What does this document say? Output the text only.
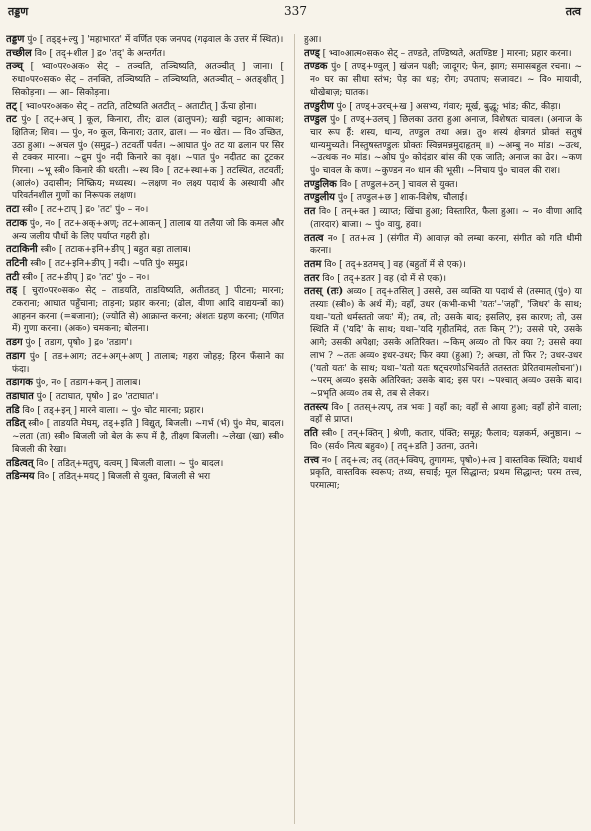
तड्डण	337	तत्व

तड्डण पुं० [ तड्ड्+ल्यु ] 'महाभारत' में वर्णित एक जनपद (गढ़वाल के उत्तर में स्थित)।

तच्छील वि० [ तद्+शील ] द्र० 'तद्' के अन्तर्गत।

तञ्च् [ भ्वा०पर०अक० सेट् – तञ्चति, तञ्चिष्यति, अतञ्चीत् ] जाना। [ रुधा०पर०सक० सेट् – तनक्ति, तञ्चिष्यति – तञ्चिष्यति, अतञ्चीत् – अतङ्क्षीत् ] सिकोड़ना। — आ– सिकोड़ना।

तट् [ भ्वा०पर०अक० सेट् – तटति, तटिष्यति अतटीत् – अताटीत् ] ऊँचा होना।

तट पुं० [ तट्+अच् ] कूल, किनारा, तीर; ढाल (ढालुपन); खड़ी चट्टान; आकाश; क्षितिज; शिव। — पुं०, न० कूल, किनारा; उतार, ढाल। — न० खेत। — वि० उच्छित, उठा हुआ। ~अचल पुं० (समुद्र–) तटवर्ती पर्वत। ~आघात पुं० तट या ढलान पर सिर से टक्कर मारना। ~द्रुम पुं० नदी किनारे का वृक्ष। ~पात पुं० नदीतट का टूटकर गिरना। ~भू स्त्री० किनारे की धरती। ~स्थ वि० [ तट+स्था+क ] तटस्थित, तटवर्ती; (आलं०) उदासीन; निष्क्रिय; मध्यस्थ। ~लक्षण न० लक्ष्य पदार्थ के अस्थायी और परिवर्तनशील गुणों का निरूपक लक्षण।

तटा स्त्री० [ तट+टाप् ] द्र० 'तट' पुं० – न०।

तटाक पुं०, न० [ तट+अक्+अण्; तट+आकन् ] तालाब या तलैया जो कि कमल और अन्य जलीय पौधों के लिए पर्याप्त गहरी हो।

तटाकिनी स्त्री० [ तटाक+इनि+ङीप् ] बहुत बड़ा तालाब।

तटिनी स्त्री० [ तट+इनि+ङीप् ] नदी। ~पति पुं० समुद्र।

तटी स्त्री० [ तट+ङीप् ] द्र० 'तट' पुं० – न०।

तड् [ चुरा०पर०सक० सेट् – ताडयति, ताडयिष्यति, अतीतडत् ] पीटना; मारना; टकराना; आघात पहुँचाना; ताड़ना; प्रहार करना; (ढोल, वीणा आदि वाद्ययन्त्रों का) आहनन करना (=बजाना); (ज्योति से) आक्रान्त करना; अंशतः ग्रहण करना; (गणित में) गुणा करना। (अक०) चमकना; बोलना।

तडग पुं० [ तडाग, पृषो० ] द्र० 'तडाग'।

तडाग पुं० [ तड+आग; तट+अग्+अण् ] तालाब; गहरा जोहड़; हिरन फँसाने का फंदा।

तडागक पुं०, न० [ तडाग+कन् ] तालाब।

तडाघात पुं० [ तटाघात, पृषो० ] द्र० 'तटाघात'।

तडि वि० [ तड्+इन् ] मारने वाला। ~ पुं० चोट मारना; प्रहार।

तडित् स्त्री० [ ताडयति मेघम्, तड्+इति ] विद्युत्, बिजली। ~गर्भ (र्भ) पुं० मेघ, बादल। ~लता (ता) स्त्री० बिजली जो बेल के रूप में है, तीक्ष्ण बिजली। ~लेखा (खा) स्त्री० बिजली की रेखा।

तडित्वत् वि० [ तडित्+मतुप्, वत्वम् ] बिजली वाला। ~ पुं० बादल।

तडिन्मय वि० [ तडित्+मयट् ] बिजली से युक्त, बिजली से भरा

हुआ।

तण्ड् [ भ्वा०आत्म०सक० सेट् – तण्डते, तण्डिष्यते, अतण्डिष्ट ] मारना; प्रहार करना।

तण्डक पुं० [ तण्ड्+ण्वुल् ] खंजन पक्षी; जादूगर; फेन, झाग; समासबहुल रचना। ~ न० घर का सीधा स्तंभ; पेड़ का धड़; रोग; उपताप; सजावट। ~ वि० मायावी, धोखेबाज़; घातक।

तण्डुरीण पुं० [ तण्ड्+उरच्+ख ] असभ्य, गंवार; मूर्ख, बुद्धू; भांड; कीट, कीड़ा।

तण्डुल पुं० [ तण्ड्+उलच् ] छिलका उतरा हुआ अनाज, विशेषतः चावल। (अनाज के चार रूप हैं: शस्य, धान्य, तण्डुल तथा अन्न। तु० शस्यं क्षेत्रगतं प्रोक्तं सतुषं धान्यमुच्यते। निस्तुषस्तण्डुलः प्रोक्तः स्विन्नमन्नमुदाहृतम् ॥) ~अम्बु न० मांड। ~उत्थ, ~उत्थक न० मांड। ~ओघ पुं० कोदंडार बांस की एक जाति; अनाज का ढेर। ~कण पुं० चावल के कण। ~कुण्डन न० धान की भूसी। ~निचाय पुं० चावल की राश।

तण्डुलिक वि० [ तण्डुल+ठन् ] चावल से युक्त।

तण्डुलीय पुं० [ तण्डुल+छ ] शाक-विशेष, चौलाई।

तत वि० [ तन्+क्त ] व्याप्त; खिंचा हुआ; विस्तारित, फैला हुआ। ~ न० वीणा आदि (तारदार) बाजा। ~ पुं० वायु, हवा।

ततत्व न० [ तत+त्व ] (संगीत में) आवाज़ को लम्बा करना, संगीत को गति धीमी करना।

ततम वि० [ तद्+डतमच् ] वह (बहुतों में से एक)।

ततर वि० [ तद्+डतर ] वह (दो में से एक)।

ततस् (तः) अव्य० [ तद्+तसिल् ] उससे, उस व्यक्ति या पदार्थ से (तस्मात् (पुं०) या तस्याः (स्त्री०) के अर्थ में); वहाँ, उधर (कभी-कभी 'यतः'–'जहाँ', 'जिधर' के साथ; यथा–'यतो धर्मस्ततो जयः' में); तब, तो; उसके बाद; इसलिए, इस कारण; तो, उस स्थिति में ('यदि' के साथ; यथा–'यदि गृहीतमिदं, ततः किम् ?'); उससे परे, उसके आगे; उसकी अपेक्षा; उसके अतिरिक्त। ~किम् अव्य० तो फिर क्या ?; उससे क्या लाभ ? ~ततः अव्य० इधर-उधर; फिर क्या (हुआ) ?; अच्छा, तो फिर ?; उधर-उधर ('यतो यतः' के साथ; यथा–'यतो यतः षट्चरणोऽभिवर्तते ततस्ततः प्रेरितवामलोचना')। ~परम् अव्य० इसके अतिरिक्त; उसके बाद; इस पर। ~पश्चात् अव्य० उसके बाद। ~प्रभृति अव्य० तब से, तब से लेकर।

ततस्त्य वि० [ ततस्+त्यप्, तत्र भवः ] वहाँ का; वहाँ से आया हुआ; वहाँ होने वाला; वहाँ से प्राप्त।

तति स्त्री० [ तन्+क्तिन् ] श्रेणी, कतार, पंक्ति; समूह; फैलाव; यज्ञकर्म, अनुष्ठान। ~ वि० (सर्व० नित्य बहुव०) [ तद्+डति ] उतना, उतने।

तत्त्व न० [ तद्+त्व; तद् (तत्+क्विप्, तुगागमः, पृषो०)+त्व ] वास्तविक स्थिति; यथार्थ प्रकृति, वास्तविक स्वरूप; तथ्य, सचाई; मूल सिद्धान्त; प्रथम सिद्धान्त; परम तत्त्व, परमात्मा;
